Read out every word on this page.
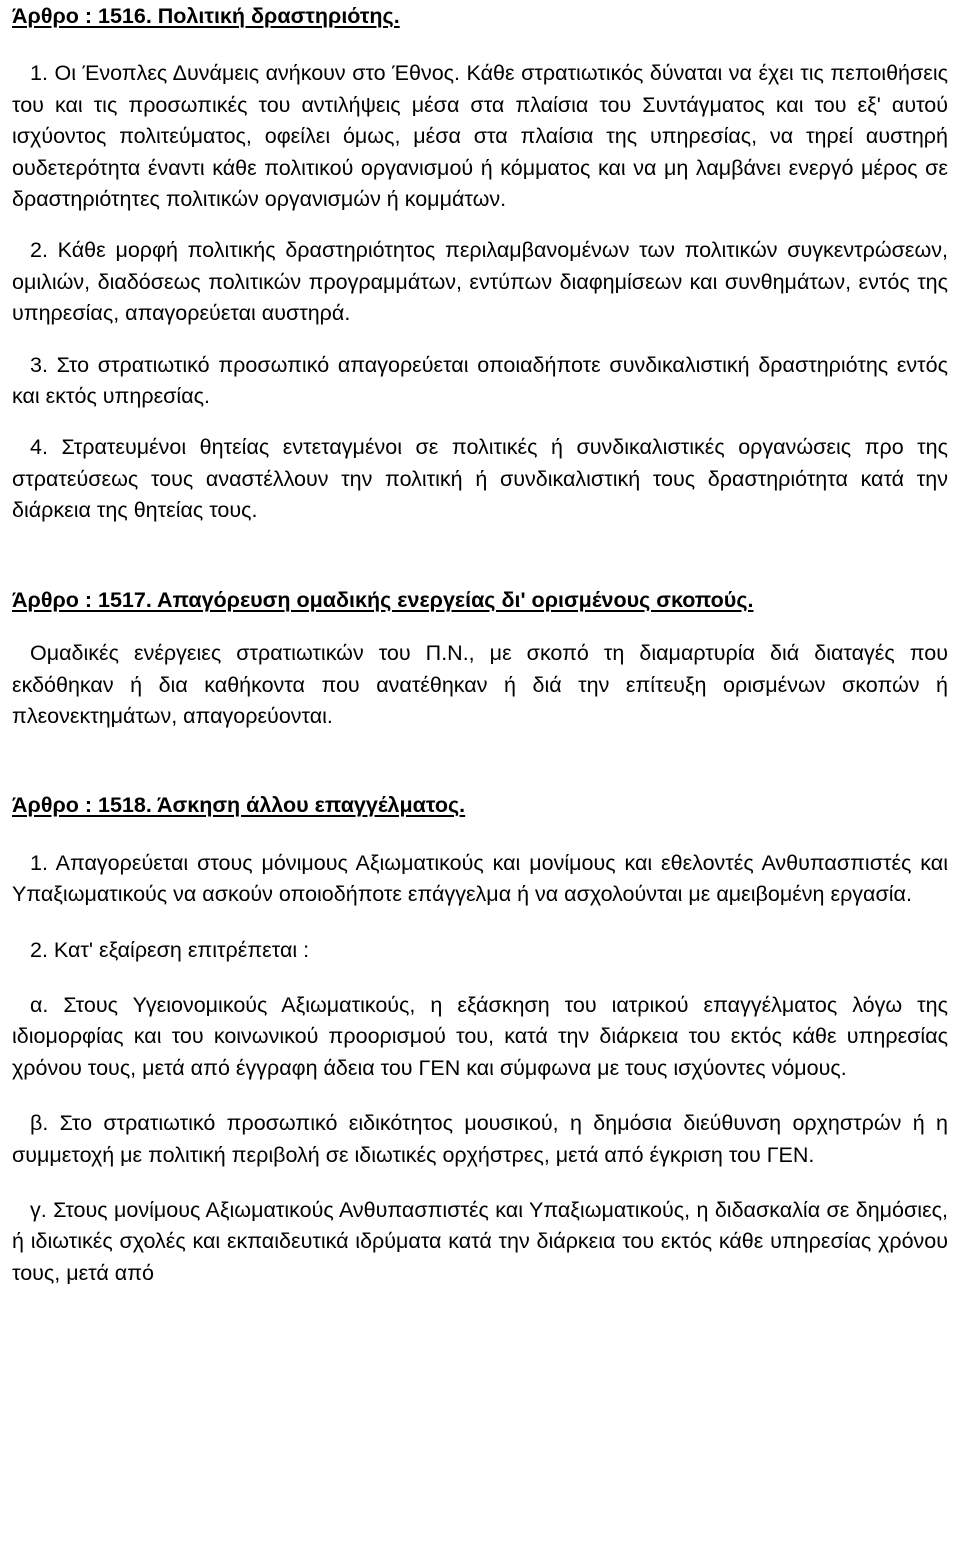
Άρθρο : 1516. Πολιτική δραστηριότης.

1. Οι Ένοπλες Δυνάμεις ανήκουν στο Έθνος. Κάθε στρατιωτικός δύναται να έχει τις πεποιθήσεις του και τις προσωπικές του αντιλήψεις μέσα στα πλαίσια του Συντάγματος και του εξ' αυτού ισχύοντος πολιτεύματος, οφείλει όμως, μέσα στα πλαίσια της υπηρεσίας, να τηρεί αυστηρή ουδετερότητα έναντι κάθε πολιτικού οργανισμού ή κόμματος και να μη λαμβάνει ενεργό μέρος σε δραστηριότητες πολιτικών οργανισμών ή κομμάτων.

2. Κάθε μορφή πολιτικής δραστηριότητος περιλαμβανομένων των πολιτικών συγκεντρώσεων, ομιλιών, διαδόσεως πολιτικών προγραμμάτων, εντύπων διαφημίσεων και συνθημάτων, εντός της υπηρεσίας, απαγορεύεται αυστηρά.

3. Στο στρατιωτικό προσωπικό απαγορεύεται οποιαδήποτε συνδικαλιστική δραστηριότης εντός και εκτός υπηρεσίας.

4. Στρατευμένοι θητείας εντεταγμένοι σε πολιτικές ή συνδικαλιστικές οργανώσεις προ της στρατεύσεως τους αναστέλλουν την πολιτική ή συνδικαλιστική τους δραστηριότητα κατά την διάρκεια της θητείας τους.

Άρθρο : 1517. Απαγόρευση ομαδικής ενεργείας δι' ορισμένους σκοπούς.

Ομαδικές ενέργειες στρατιωτικών του Π.Ν., με σκοπό τη διαμαρτυρία διά διαταγές που εκδόθηκαν ή δια καθήκοντα που ανατέθηκαν ή διά την επίτευξη ορισμένων σκοπών ή πλεονεκτημάτων, απαγορεύονται.

Άρθρο : 1518. Άσκηση άλλου επαγγέλματος.

1. Απαγορεύεται στους μόνιμους Αξιωματικούς και μονίμους και εθελοντές Ανθυπασπιστές και Υπαξιωματικούς να ασκούν οποιοδήποτε επάγγελμα ή να ασχολούνται με αμειβομένη εργασία.

2. Κατ' εξαίρεση επιτρέπεται :

α. Στους Υγειονομικούς Αξιωματικούς, η εξάσκηση του ιατρικού επαγγέλματος λόγω της ιδιομορφίας και του κοινωνικού προορισμού του, κατά την διάρκεια του εκτός κάθε υπηρεσίας χρόνου τους, μετά από έγγραφη άδεια του ΓΕΝ και σύμφωνα με τους ισχύοντες νόμους.

β. Στο στρατιωτικό προσωπικό ειδικότητος μουσικού, η δημόσια διεύθυνση ορχηστρών ή η συμμετοχή με πολιτική περιβολή σε ιδιωτικές ορχήστρες, μετά από έγκριση του ΓΕΝ.

γ. Στους μονίμους Αξιωματικούς Ανθυπασπιστές και Υπαξιωματικούς, η διδασκαλία σε δημόσιες, ή ιδιωτικές σχολές και εκπαιδευτικά ιδρύματα κατά την διάρκεια του εκτός κάθε υπηρεσίας χρόνου τους, μετά από
